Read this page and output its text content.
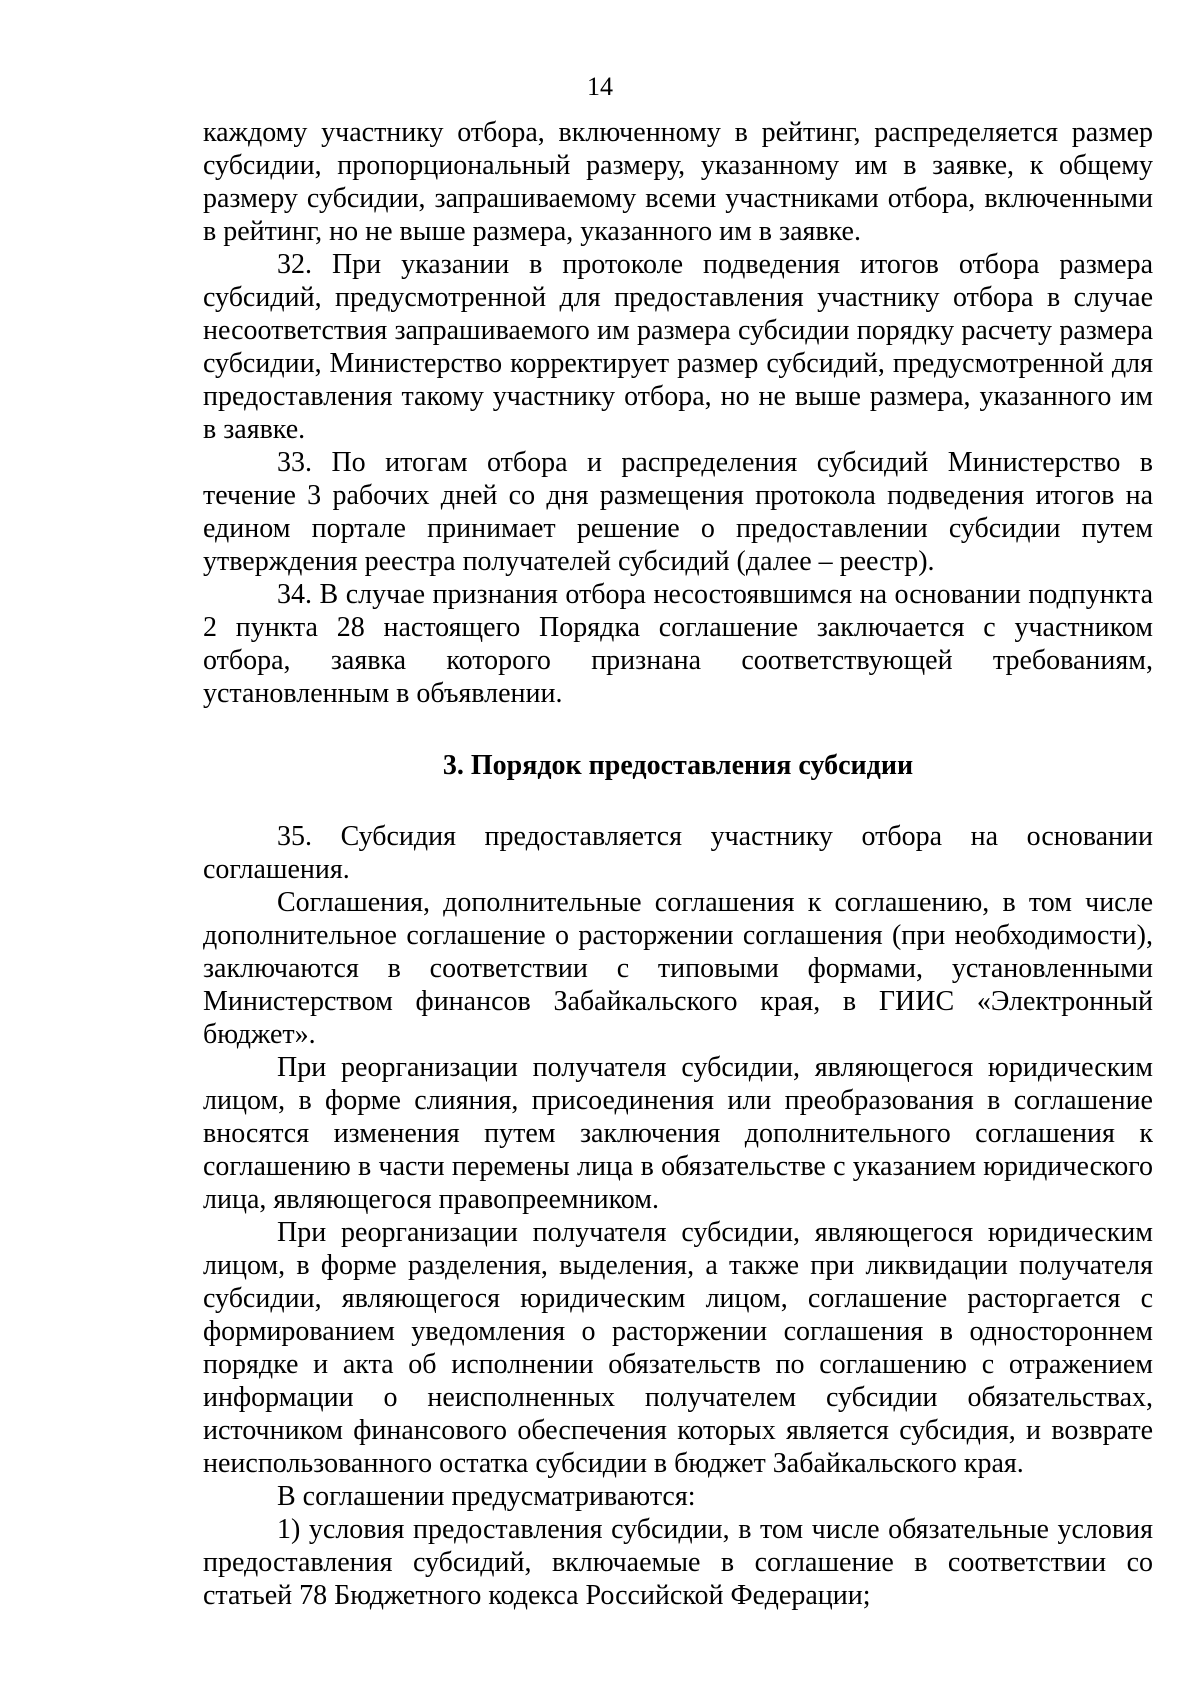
14

каждому участнику отбора, включенному в рейтинг, распределяется размер субсидии, пропорциональный размеру, указанному им в заявке, к общему размеру субсидии, запрашиваемому всеми участниками отбора, включенными в рейтинг, но не выше размера, указанного им в заявке.

32. При указании в протоколе подведения итогов отбора размера субсидий, предусмотренной для предоставления участнику отбора в случае несоответствия запрашиваемого им размера субсидии порядку расчету размера субсидии, Министерство корректирует размер субсидий, предусмотренной для предоставления такому участнику отбора, но не выше размера, указанного им в заявке.

33. По итогам отбора и распределения субсидий Министерство в течение 3 рабочих дней со дня размещения протокола подведения итогов на едином портале принимает решение о предоставлении субсидии путем утверждения реестра получателей субсидий (далее – реестр).

34. В случае признания отбора несостоявшимся на основании подпункта 2 пункта 28 настоящего Порядка соглашение заключается с участником отбора, заявка которого признана соответствующей требованиям, установленным в объявлении.

3. Порядок предоставления субсидии

35. Субсидия предоставляется участнику отбора на основании соглашения.

Соглашения, дополнительные соглашения к соглашению, в том числе дополнительное соглашение о расторжении соглашения (при необходимости), заключаются в соответствии с типовыми формами, установленными Министерством финансов Забайкальского края, в ГИИС «Электронный бюджет».

При реорганизации получателя субсидии, являющегося юридическим лицом, в форме слияния, присоединения или преобразования в соглашение вносятся изменения путем заключения дополнительного соглашения к соглашению в части перемены лица в обязательстве с указанием юридического лица, являющегося правопреемником.

При реорганизации получателя субсидии, являющегося юридическим лицом, в форме разделения, выделения, а также при ликвидации получателя субсидии, являющегося юридическим лицом, соглашение расторгается с формированием уведомления о расторжении соглашения в одностороннем порядке и акта об исполнении обязательств по соглашению с отражением информации о неисполненных получателем субсидии обязательствах, источником финансового обеспечения которых является субсидия, и возврате неиспользованного остатка субсидии в бюджет Забайкальского края.

В соглашении предусматриваются:

1) условия предоставления субсидии, в том числе обязательные условия предоставления субсидий, включаемые в соглашение в соответствии со статьей 78 Бюджетного кодекса Российской Федерации;
